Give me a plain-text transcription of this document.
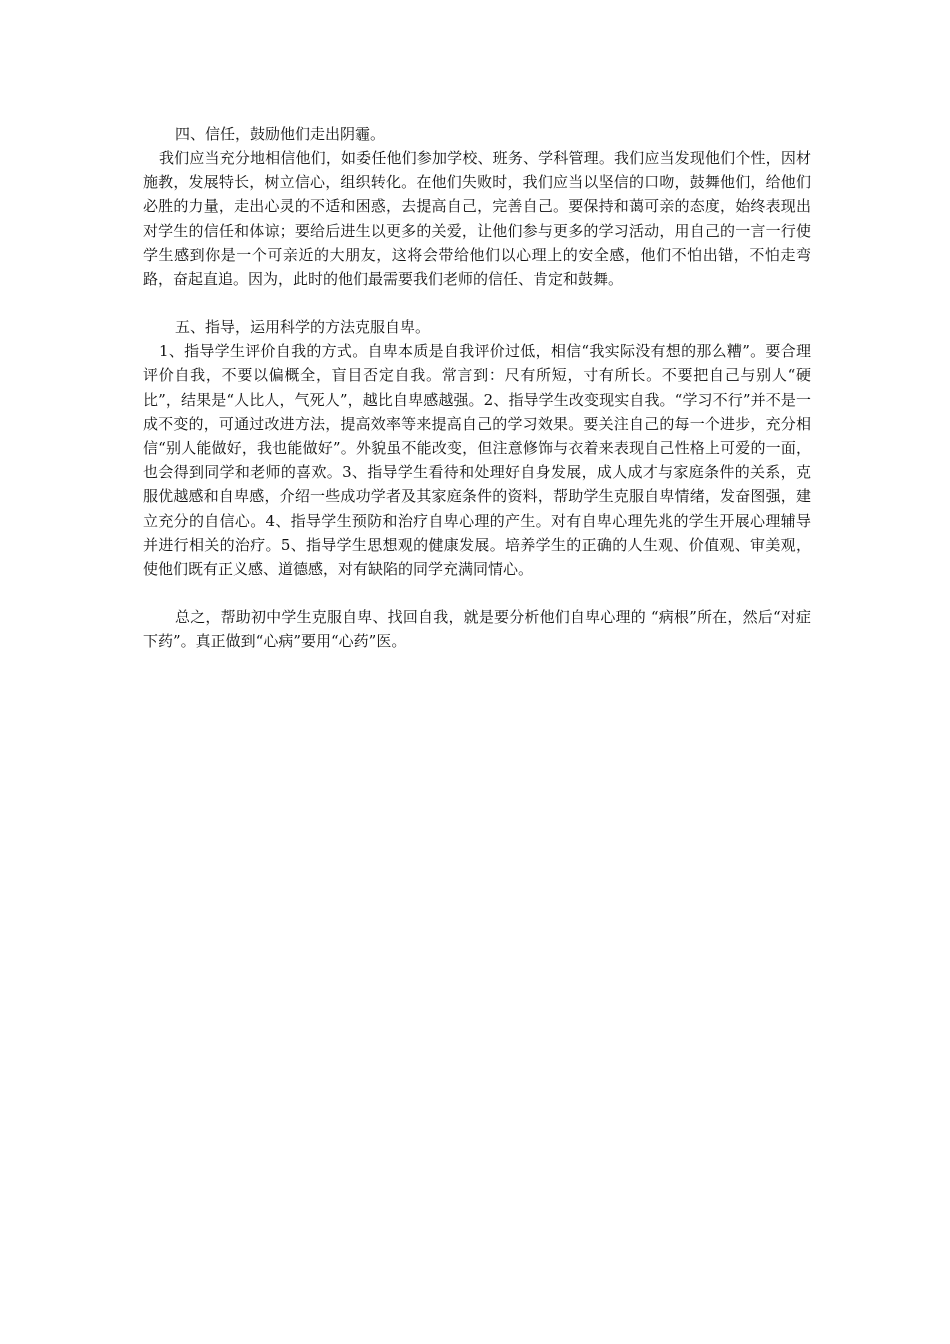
四、信任，鼓励他们走出阴霾。

我们应当充分地相信他们，如委任他们参加学校、班务、学科管理。我们应当发现他们个性，因材施教，发展特长，树立信心，组织转化。在他们失败时，我们应当以坚信的口吻，鼓舞他们，给他们必胜的力量，走出心灵的不适和困惑，去提高自己，完善自己。要保持和蔼可亲的态度，始终表现出对学生的信任和体谅；要给后进生以更多的关爱，让他们参与更多的学习活动，用自己的一言一行使学生感到你是一个可亲近的大朋友，这将会带给他们以心理上的安全感，他们不怕出错，不怕走弯路，奋起直追。因为，此时的他们最需要我们老师的信任、肯定和鼓舞。

五、指导，运用科学的方法克服自卑。

1、指导学生评价自我的方式。自卑本质是自我评价过低，相信“我实际没有想的那么糟”。要合理评价自我，不要以偏概全，盲目否定自我。常言到：尺有所短，寸有所长。不要把自己与别人“硬比”，结果是“人比人，气死人”，越比自卑感越强。2、指导学生改变现实自我。“学习不行”并不是一成不变的，可通过改进方法，提高效率等来提高自己的学习效果。要关注自己的每一个进步，充分相信“别人能做好，我也能做好”。外貌虽不能改变，但注意修饰与衣着来表现自己性格上可爱的一面，也会得到同学和老师的喜欢。3、指导学生看待和处理好自身发展，成人成才与家庭条件的关系，克服优越感和自卑感，介绍一些成功学者及其家庭条件的资料，帮助学生克服自卑情绪，发奋图强，建立充分的自信心。4、指导学生预防和治疗自卑心理的产生。对有自卑心理先兆的学生开展心理辅导并进行相关的治疗。5、指导学生思想观的健康发展。培养学生的正确的人生观、价值观、审美观，使他们既有正义感、道德感，对有缺陷的同学充满同情心。

总之，帮助初中学生克服自卑、找回自我，就是要分析他们自卑心理的 “病根”所在，然后“对症下药”。真正做到“心病”要用“心药”医。
